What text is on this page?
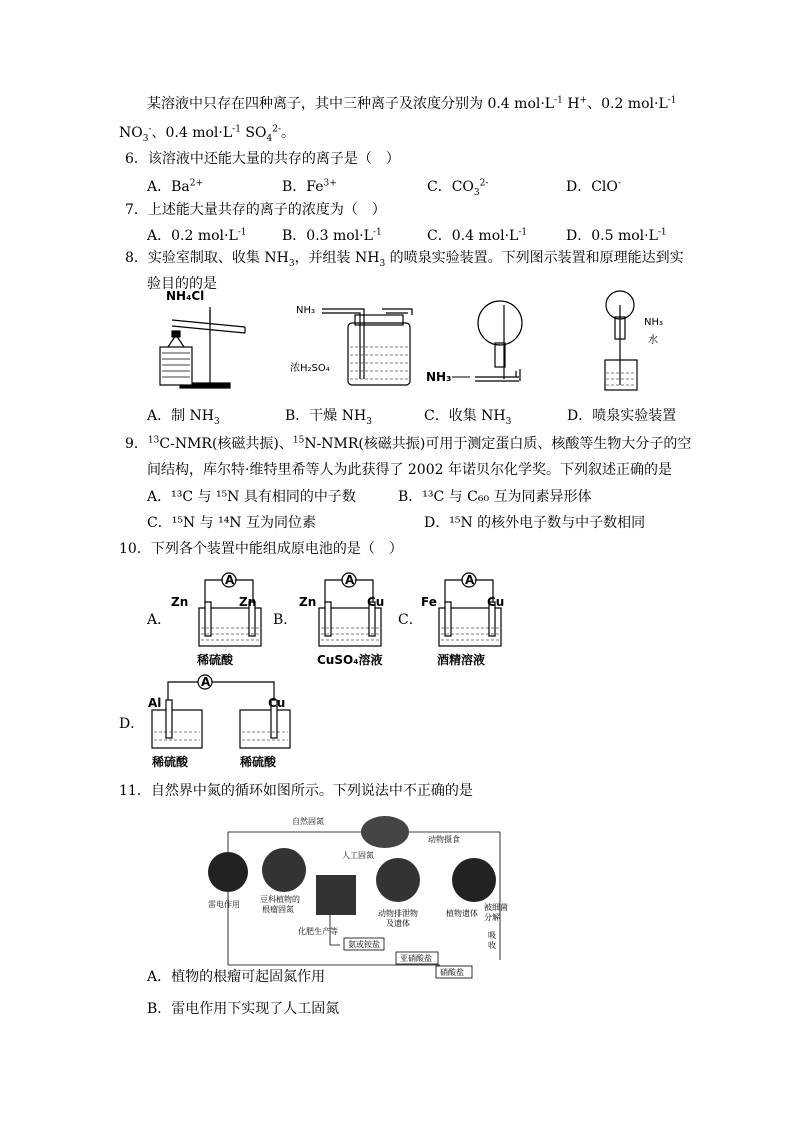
某溶液中只存在四种离子，其中三种离子及浓度分别为 0.4 $mol\cdot L^{-1}$ H+、0.2 $mol\cdot L^{-1}$
$NO_3^-$、0.4 $mol\cdot L^{-1}$ $SO_4^{2-}$。
6．该溶液中还能大量的共存的离子是（　）
A．$Ba^{2+}$	B．$Fe^{3+}$	C．$CO_3^{2-}$	D．ClO-
7．上述能大量共存的离子的浓度为（　）
A．0.2 $mol\cdot L^{-1}$	B．0.3 $mol\cdot L^{-1}$	C．0.4 $mol\cdot L^{-1}$	D．0.5 $mol\cdot L^{-1}$
8．实验室制取、收集 $NH_3$，并组装 $NH_3$ 的喷泉实验装置。下列图示装置和原理能达到实
验目的的是
NH₄Cl
NH₃
浓H₂SO₄
NH₃
NH₃
水
A．制 $NH_3$	B．干燥 $NH_3$	C．收集 $NH_3$	D．喷泉实验装置
9．$^{13}$C-NMR(核磁共振)、$^{15}$N-NMR(核磁共振)可用于测定蛋白质、核酸等生物大分子的空
间结构，库尔特·维特里希等人为此获得了 2002 年诺贝尔化学奖。下列叙述正确的是
A．¹³C 与 ¹⁵N 具有相同的中子数	B．¹³C 与 C₆₀ 互为同素异形体
C．¹⁵N 与 ¹⁴N 互为同位素	D．¹⁵N 的核外电子数与中子数相同
10．下列各个装置中能组成原电池的是（　）
A．	B．	C．
D．
A
Zn	Zn
稀硫酸
A
Zn	Cu
CuSO₄溶液
A
Fe	Cu
酒精溶液
A
Al	Cu
稀硫酸	稀硫酸
11．自然界中氮的循环如图所示。下列说法中不正确的是
自然固氮
人工固氮
动物摄食
雷电作用
豆科植物的
根瘤固氮
化肥生产等
动物排泄物
及遗体
植物遗体
被细菌
分解
吸
收
氨或铵盐
亚硝酸盐
硝酸盐
A．植物的根瘤可起固氮作用
B．雷电作用下实现了人工固氮
